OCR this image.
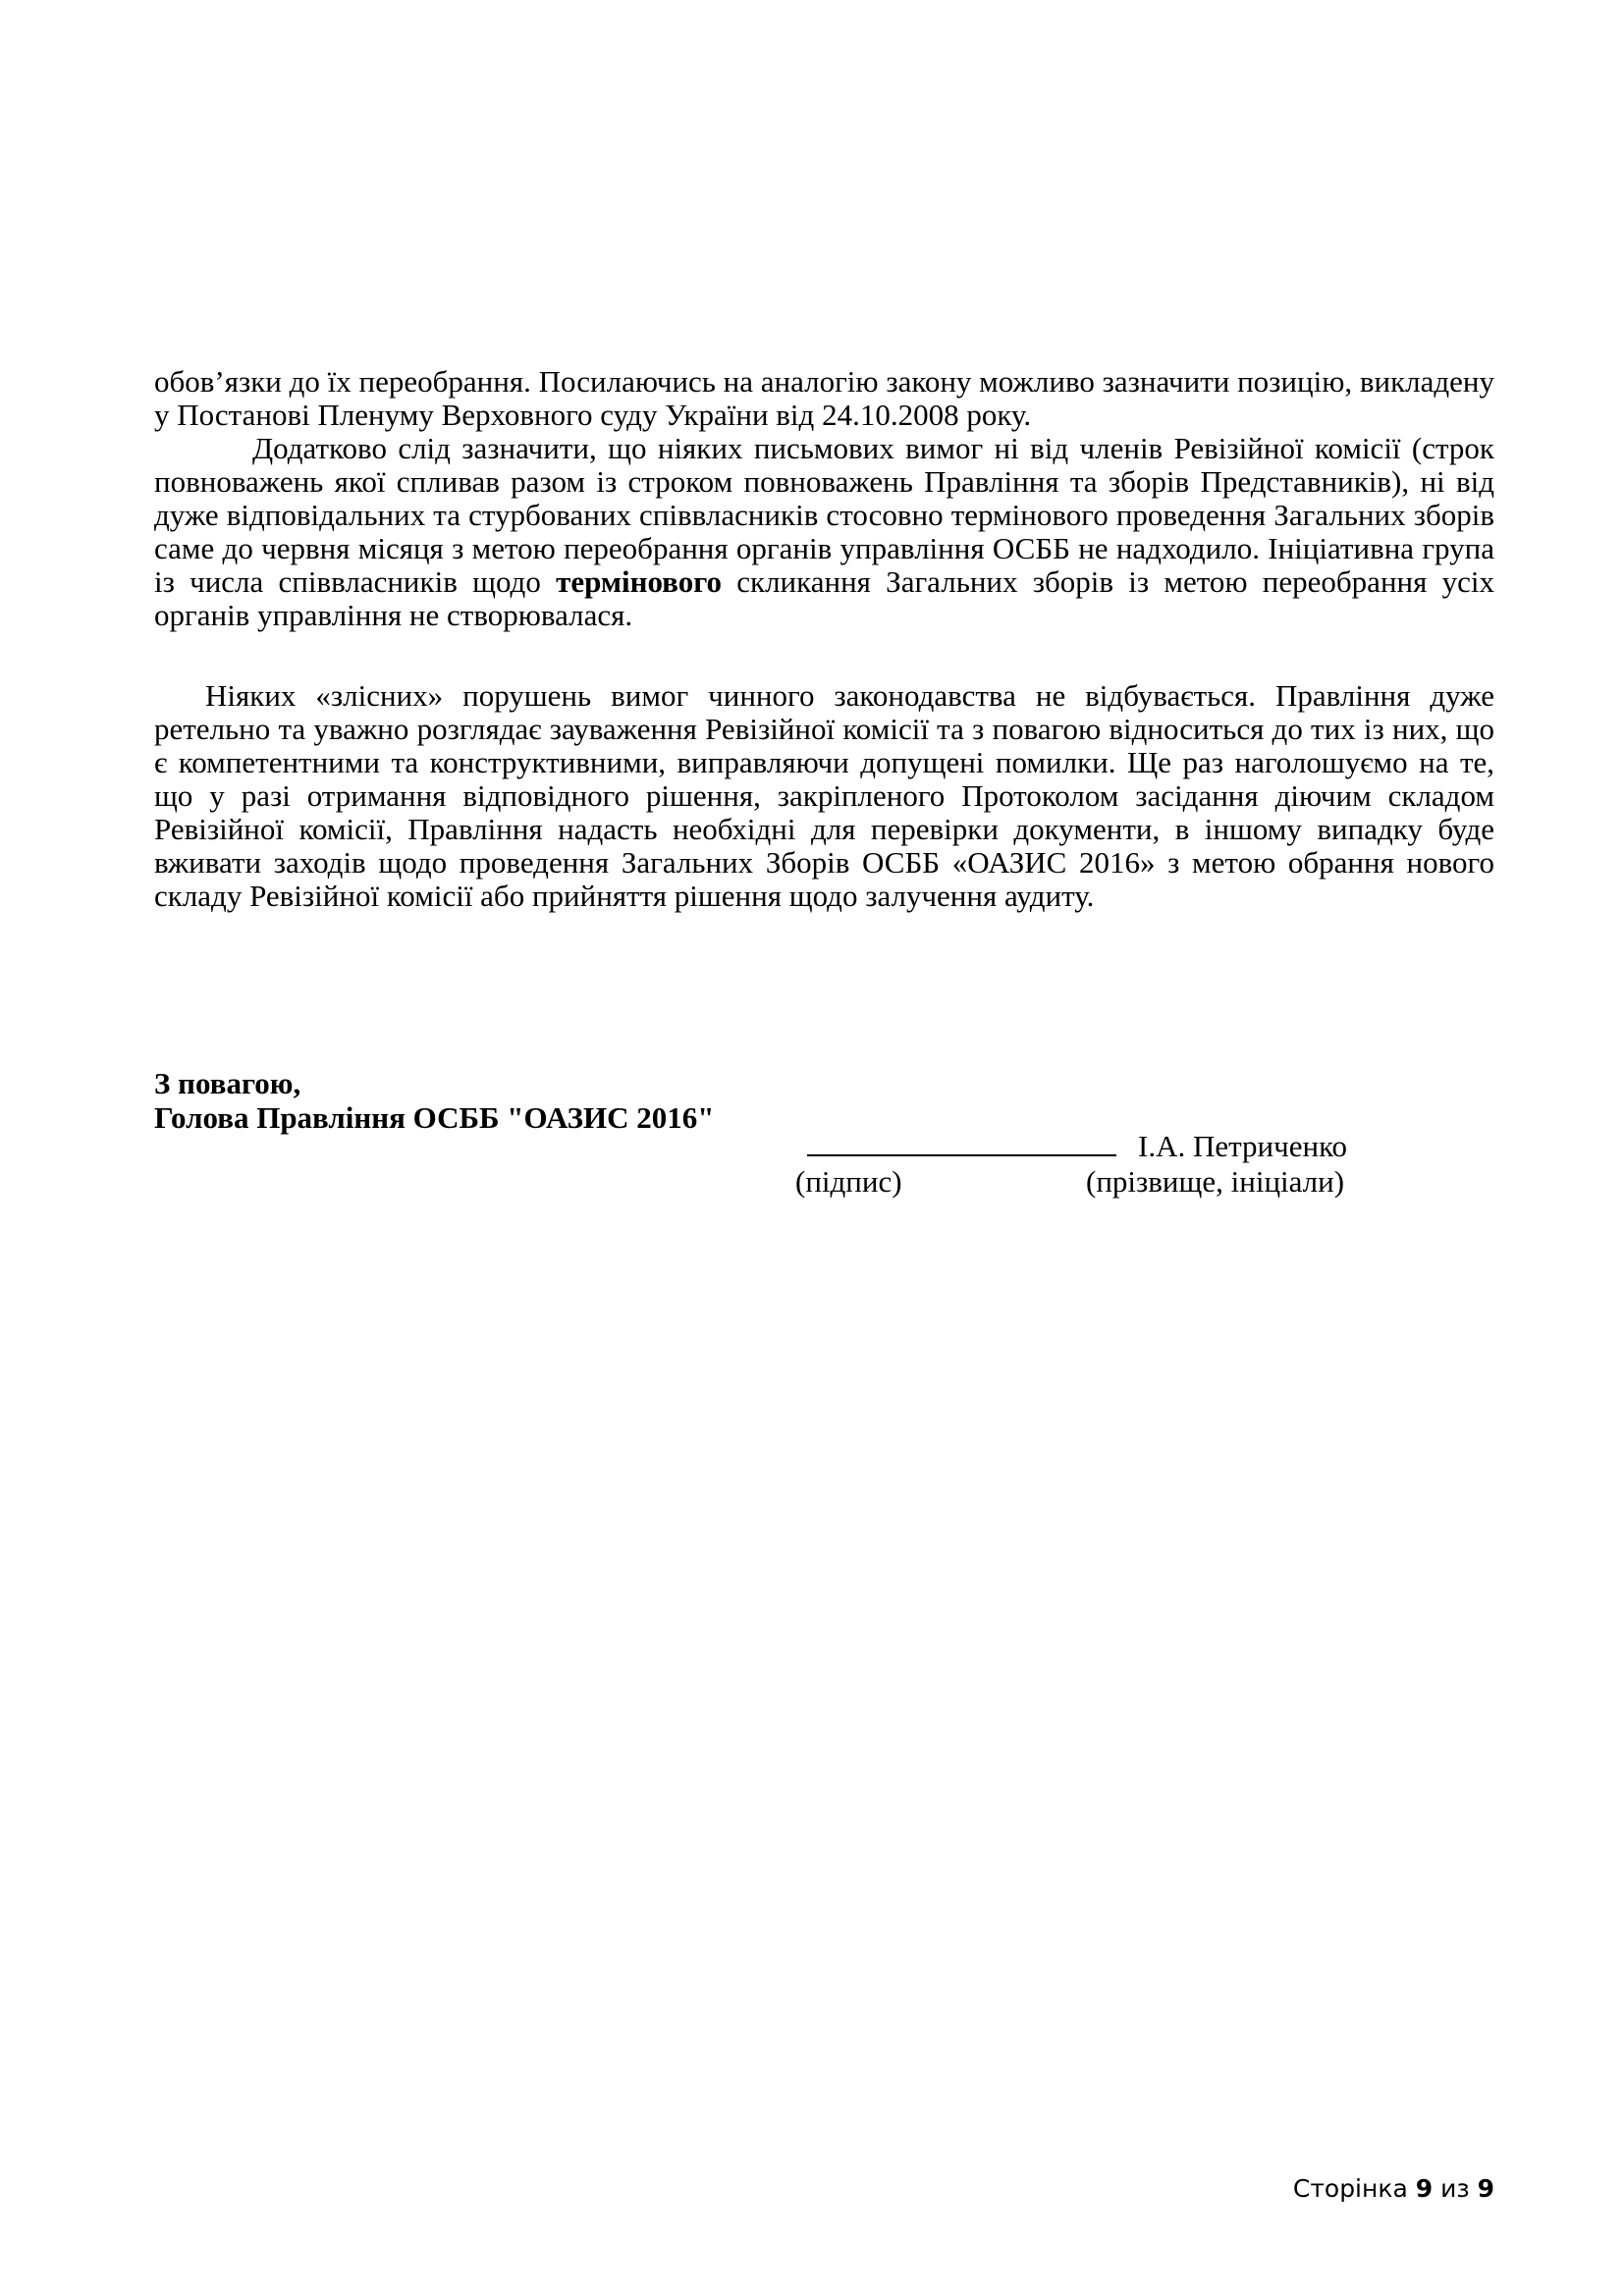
обов’язки до їх переобрання. Посилаючись на аналогію закону можливо зазначити позицію, викладену у Постанові Пленуму Верховного суду України від 24.10.2008 року.

Додатково слід зазначити, що ніяких письмових вимог ні від членів Ревізійної комісії (строк повноважень якої спливав разом із строком повноважень Правління та зборів Представників), ні від дуже відповідальних та стурбованих співвласників стосовно термінового проведення Загальних зборів саме до червня місяця з метою переобрання органів управління ОСББ не надходило. Ініціативна група із числа співвласників щодо термінового скликання Загальних зборів із метою переобрання усіх органів управління не створювалася.

Ніяких «злісних» порушень вимог чинного законодавства не відбувається. Правління дуже ретельно та уважно розглядає зауваження Ревізійної комісії та з повагою відноситься до тих із них, що є компетентними та конструктивними, виправляючи допущені помилки. Ще раз наголошуємо на те, що у разі отримання відповідного рішення, закріпленого Протоколом засідання діючим складом Ревізійної комісії, Правління надасть необхідні для перевірки документи, в іншому випадку буде вживати заходів щодо проведення Загальних Зборів ОСББ «ОАЗИС 2016» з метою обрання нового складу Ревізійної комісії або прийняття рішення щодо залучення аудиту.

З повагою,
Голова Правління ОСББ "ОАЗИС 2016"
І.А. Петриченко
(підпис)	(прізвище, ініціали)
Сторінка 9 из 9
